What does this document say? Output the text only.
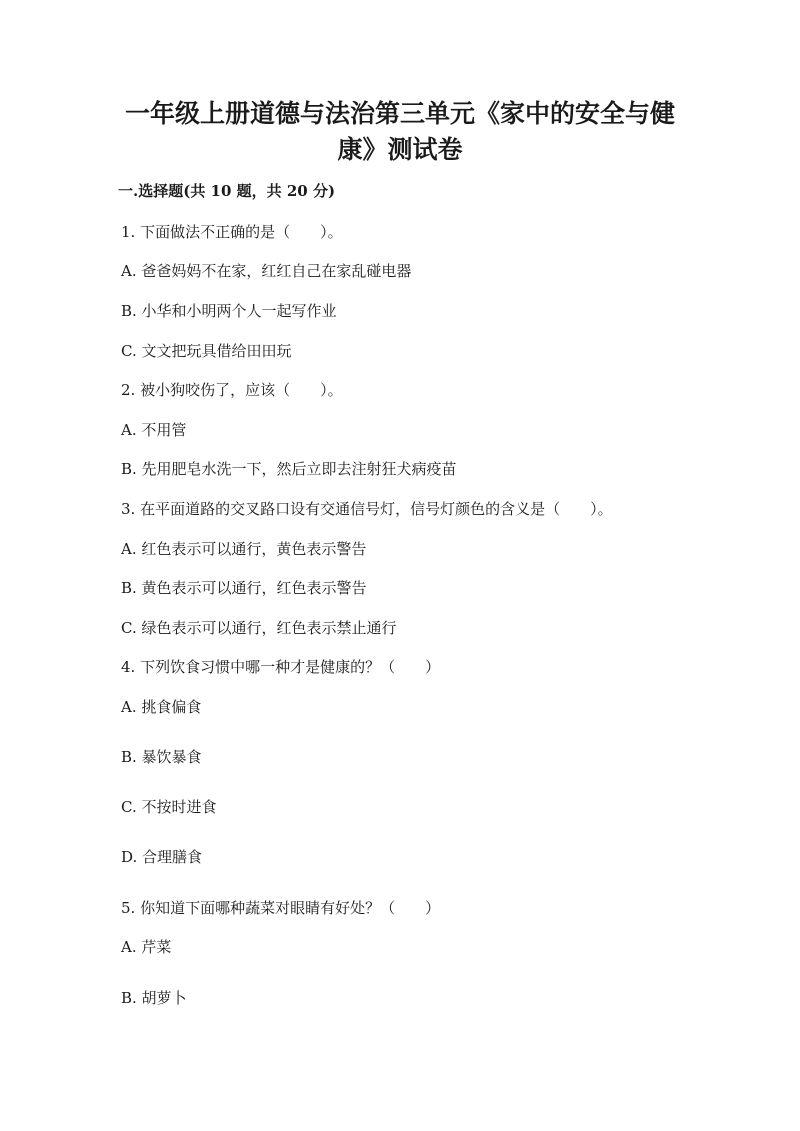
一年级上册道德与法治第三单元《家中的安全与健
康》测试卷

一.选择题(共 10 题，共 20 分)

1. 下面做法不正确的是（　　）。

A. 爸爸妈妈不在家，红红自己在家乱碰电器

B. 小华和小明两个人一起写作业

C. 文文把玩具借给田田玩

2. 被小狗咬伤了，应该（　　）。

A. 不用管

B. 先用肥皂水洗一下，然后立即去注射狂犬病疫苗

3. 在平面道路的交叉路口设有交通信号灯，信号灯颜色的含义是（　　）。

A. 红色表示可以通行，黄色表示警告

B. 黄色表示可以通行，红色表示警告

C. 绿色表示可以通行，红色表示禁止通行

4. 下列饮食习惯中哪一种才是健康的？（　　）

A. 挑食偏食

B. 暴饮暴食

C. 不按时进食

D. 合理膳食

5. 你知道下面哪种蔬菜对眼睛有好处？（　　）

A. 芹菜

B. 胡萝卜
